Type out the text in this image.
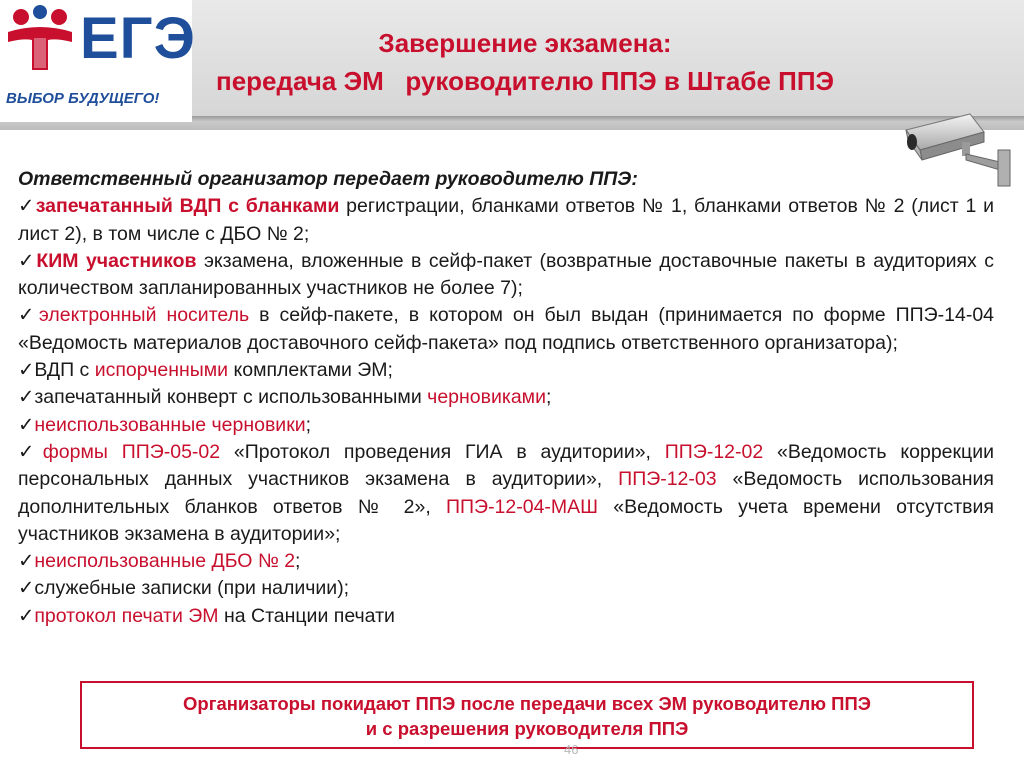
ЕГЭ
ВЫБОР БУДУЩЕГО!
Завершение экзамена:
передача ЭМ   руководителю ППЭ в Штабе ППЭ
Ответственный организатор передает руководителю ППЭ:
✓запечатанный ВДП с бланками регистрации, бланками ответов № 1, бланками ответов № 2 (лист 1 и лист 2), в том числе с ДБО № 2;
✓КИМ участников экзамена, вложенные в сейф-пакет (возвратные доставочные пакеты в аудиториях с количеством запланированных участников не более 7);
✓электронный носитель в сейф-пакете, в котором он был выдан (принимается по форме ППЭ-14-04 «Ведомость материалов доставочного сейф-пакета» под подпись ответственного организатора);
✓ВДП с испорченными комплектами ЭМ;
✓запечатанный конверт с использованными черновиками;
✓неиспользованные черновики;
✓формы ППЭ-05-02 «Протокол проведения ГИА в аудитории», ППЭ-12-02 «Ведомость коррекции персональных данных участников экзамена в аудитории», ППЭ-12-03 «Ведомость использования дополнительных бланков ответов № 2», ППЭ-12-04-МАШ «Ведомость учета времени отсутствия участников экзамена в аудитории»;
✓неиспользованные ДБО № 2;
✓служебные записки (при наличии);
✓протокол печати ЭМ на Станции печати
Организаторы покидают ППЭ после передачи всех ЭМ руководителю ППЭ
и с разрешения руководителя ППЭ
46
